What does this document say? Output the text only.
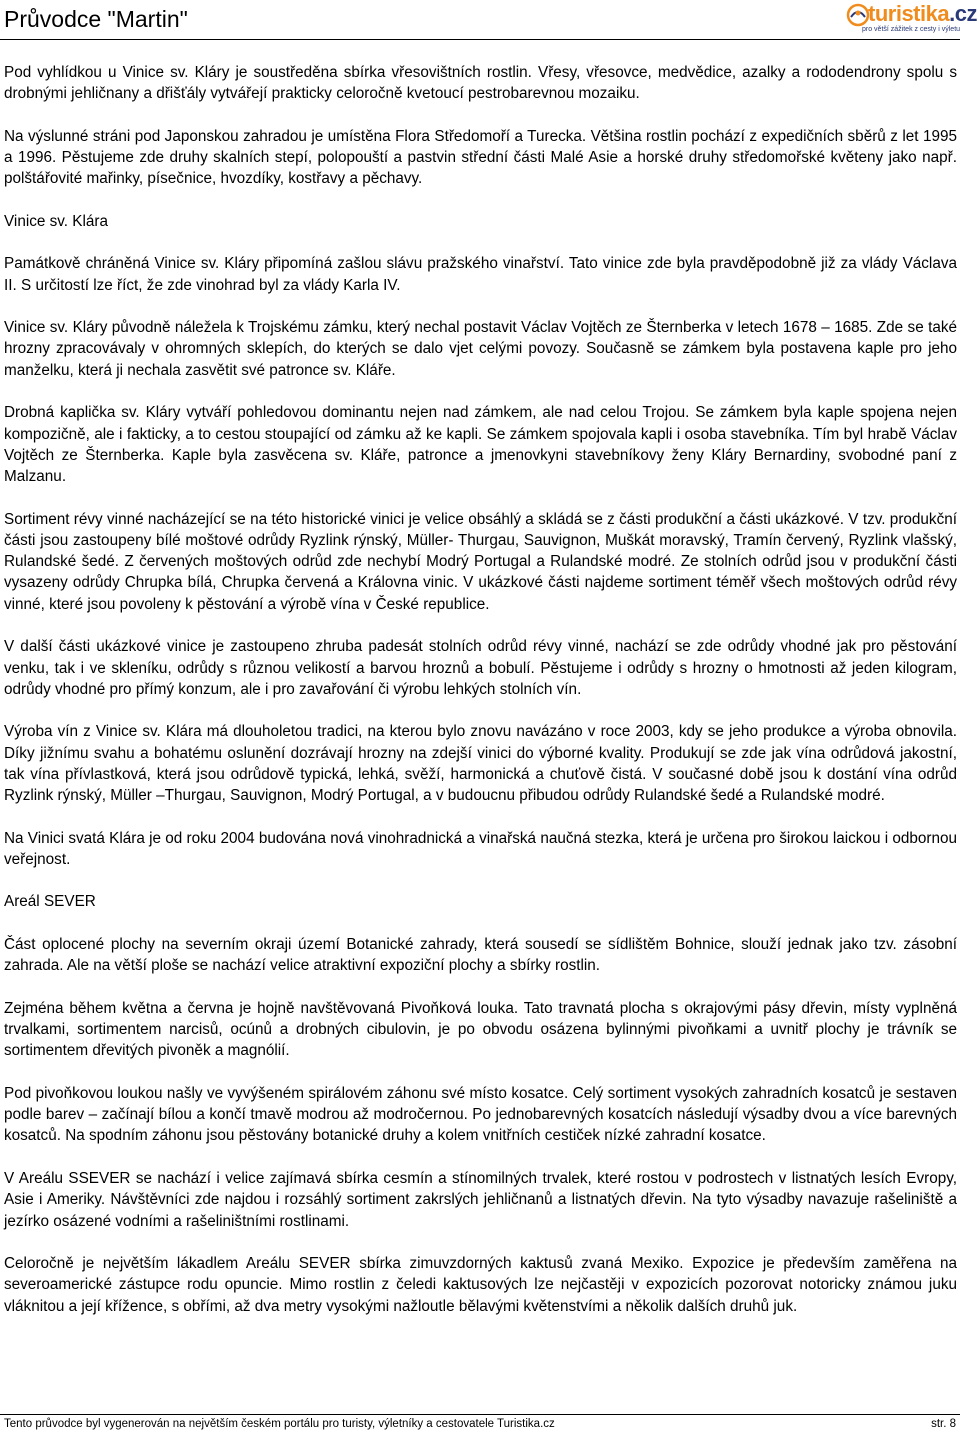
Průvodce "Martin"	turistika.cz
pro větší zážitek z cesty i výletu

Pod vyhlídkou u Vinice sv. Kláry je soustředěna sbírka vřesovištních rostlin. Vřesy, vřesovce, medvědice, azalky a rododendrony spolu s drobnými jehličnany a dřišťály vytvářejí prakticky celoročně kvetoucí pestrobarevnou mozaiku.

Na výslunné stráni pod Japonskou zahradou je umístěna Flora Středomoří a Turecka. Většina rostlin pochází z expedičních sběrů z let 1995 a 1996. Pěstujeme zde druhy skalních stepí, polopouští a pastvin střední části Malé Asie a horské druhy středomořské květeny jako např. polštářovité mařinky, písečnice, hvozdíky, kostřavy a pěchavy.

Vinice sv. Klára

Památkově chráněná Vinice sv. Kláry připomíná zašlou slávu pražského vinařství. Tato vinice zde byla pravděpodobně již za vlády Václava II. S určitostí lze říct, že zde vinohrad byl za vlády Karla IV.

Vinice sv. Kláry původně náležela k Trojskému zámku, který nechal postavit Václav Vojtěch ze Šternberka v letech 1678 – 1685. Zde se také hrozny zpracovávaly v ohromných sklepích, do kterých se dalo vjet celými povozy. Současně se zámkem byla postavena kaple pro jeho manželku, která ji nechala zasvětit své patronce sv. Kláře.

Drobná kaplička sv. Kláry vytváří pohledovou dominantu nejen nad zámkem, ale nad celou Trojou. Se zámkem byla kaple spojena nejen kompozičně, ale i fakticky, a to cestou stoupající od zámku až ke kapli. Se zámkem spojovala kapli i osoba stavebníka. Tím byl hrabě Václav Vojtěch ze Šternberka. Kaple byla zasvěcena sv. Kláře, patronce a jmenovkyni stavebníkovy ženy Kláry Bernardiny, svobodné paní z Malzanu.

Sortiment révy vinné nacházející se na této historické vinici je velice obsáhlý a skládá se z části produkční a části ukázkové. V tzv. produkční části jsou zastoupeny bílé moštové odrůdy Ryzlink rýnský, Müller- Thurgau, Sauvignon, Muškát moravský, Tramín červený, Ryzlink vlašský, Rulandské šedé. Z červených moštových odrůd zde nechybí Modrý Portugal a Rulandské modré. Ze stolních odrůd jsou v produkční části vysazeny odrůdy Chrupka bílá, Chrupka červená a Královna vinic. V ukázkové části najdeme sortiment téměř všech moštových odrůd révy vinné, které jsou povoleny k pěstování a výrobě vína v České republice.

V další části ukázkové vinice je zastoupeno zhruba padesát stolních odrůd révy vinné, nachází se zde odrůdy vhodné jak pro pěstování venku, tak i ve skleníku, odrůdy s různou velikostí a barvou hroznů a bobulí. Pěstujeme i odrůdy s hrozny o hmotnosti až jeden kilogram, odrůdy vhodné pro přímý konzum, ale i pro zavařování či výrobu lehkých stolních vín.

Výroba vín z Vinice sv. Klára má dlouholetou tradici, na kterou bylo znovu navázáno v roce 2003, kdy se jeho produkce a výroba obnovila. Díky jižnímu svahu a bohatému oslunění dozrávají hrozny na zdejší vinici do výborné kvality. Produkují se zde jak vína odrůdová jakostní, tak vína přívlastková, která jsou odrůdově typická, lehká, svěží, harmonická a chuťově čistá. V současné době jsou k dostání vína odrůd Ryzlink rýnský, Müller –Thurgau, Sauvignon, Modrý Portugal, a v budoucnu přibudou odrůdy Rulandské šedé a Rulandské modré.

Na Vinici svatá Klára je od roku 2004 budována nová vinohradnická a vinařská naučná stezka, která je určena pro širokou laickou i odbornou veřejnost.

Areál SEVER

Část oplocené plochy na severním okraji území Botanické zahrady, která sousedí se sídlištěm Bohnice, slouží jednak jako tzv. zásobní zahrada. Ale na větší ploše se nachází velice atraktivní expoziční plochy a sbírky rostlin.

Zejména během května a června je hojně navštěvovaná Pivoňková louka. Tato travnatá plocha s okrajovými pásy dřevin, místy vyplněná trvalkami, sortimentem narcisů, ocúnů a drobných cibulovin, je po obvodu osázena bylinnými pivoňkami a uvnitř plochy je trávník se sortimentem dřevitých pivoněk a magnólií.

Pod pivoňkovou loukou našly ve vyvýšeném spirálovém záhonu své místo kosatce. Celý sortiment vysokých zahradních kosatců je sestaven podle barev – začínají bílou a končí tmavě modrou až modročernou. Po jednobarevných kosatcích následují výsadby dvou a více barevných kosatců. Na spodním záhonu jsou pěstovány botanické druhy a kolem vnitřních cestiček nízké zahradní kosatce.

V Areálu SSEVER se nachází i velice zajímavá sbírka cesmín a stínomilných trvalek, které rostou v podrostech v listnatých lesích Evropy, Asie i Ameriky. Návštěvníci zde najdou i rozsáhlý sortiment zakrslých jehličnanů a listnatých dřevin. Na tyto výsadby navazuje rašeliniště a jezírko osázené vodními a rašeliništními rostlinami.

Celoročně je největším lákadlem Areálu SEVER sbírka zimuvzdorných kaktusů zvaná Mexiko. Expozice je především zaměřena na severoamerické zástupce rodu opuncie. Mimo rostlin z čeledi kaktusových lze nejčastěji v expozicích pozorovat notoricky známou juku vláknitou a její křížence, s obřími, až dva metry vysokými nažloutle bělavými květenstvími a několik dalších druhů juk.

Tento průvodce byl vygenerován na největším českém portálu pro turisty, výletníky a cestovatele Turistika.cz	str. 8
